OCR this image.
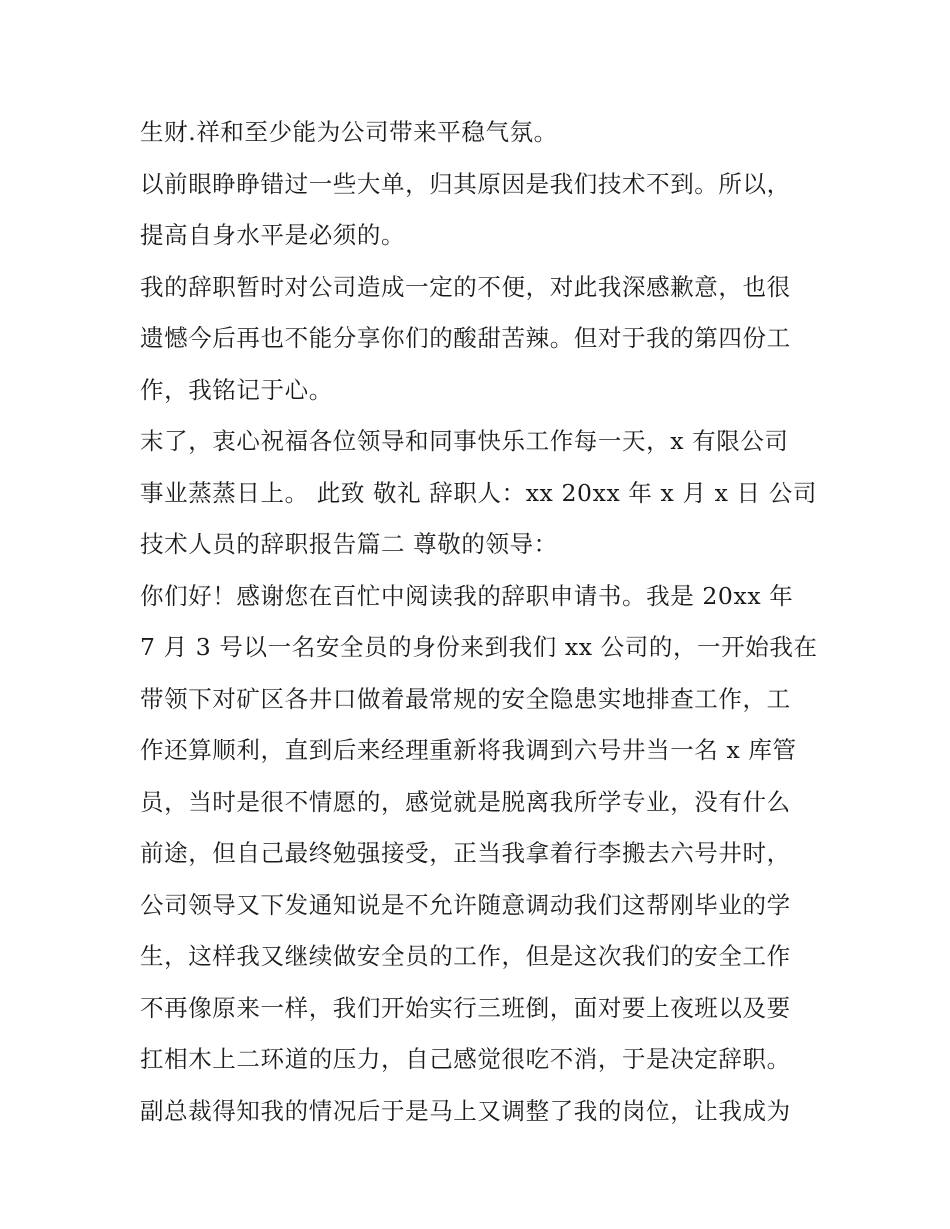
生财.祥和至少能为公司带来平稳气氛。
以前眼睁睁错过一些大单，归其原因是我们技术不到。所以，
提高自身水平是必须的。
我的辞职暂时对公司造成一定的不便，对此我深感歉意，也很
遗憾今后再也不能分享你们的酸甜苦辣。但对于我的第四份工
作，我铭记于心。
末了，衷心祝福各位领导和同事快乐工作每一天，x 有限公司
事业蒸蒸日上。 此致 敬礼 辞职人：xx 20xx 年 x 月 x 日 公司
技术人员的辞职报告篇二 尊敬的领导：
你们好！感谢您在百忙中阅读我的辞职申请书。我是 20xx 年
7 月 3 号以一名安全员的身份来到我们 xx 公司的，一开始我在
带领下对矿区各井口做着最常规的安全隐患实地排查工作，工
作还算顺利，直到后来经理重新将我调到六号井当一名 x 库管
员，当时是很不情愿的，感觉就是脱离我所学专业，没有什么
前途，但自己最终勉强接受，正当我拿着行李搬去六号井时，
公司领导又下发通知说是不允许随意调动我们这帮刚毕业的学
生，这样我又继续做安全员的工作，但是这次我们的安全工作
不再像原来一样，我们开始实行三班倒，面对要上夜班以及要
扛相木上二环道的压力，自己感觉很吃不消，于是决定辞职。
副总裁得知我的情况后于是马上又调整了我的岗位，让我成为
